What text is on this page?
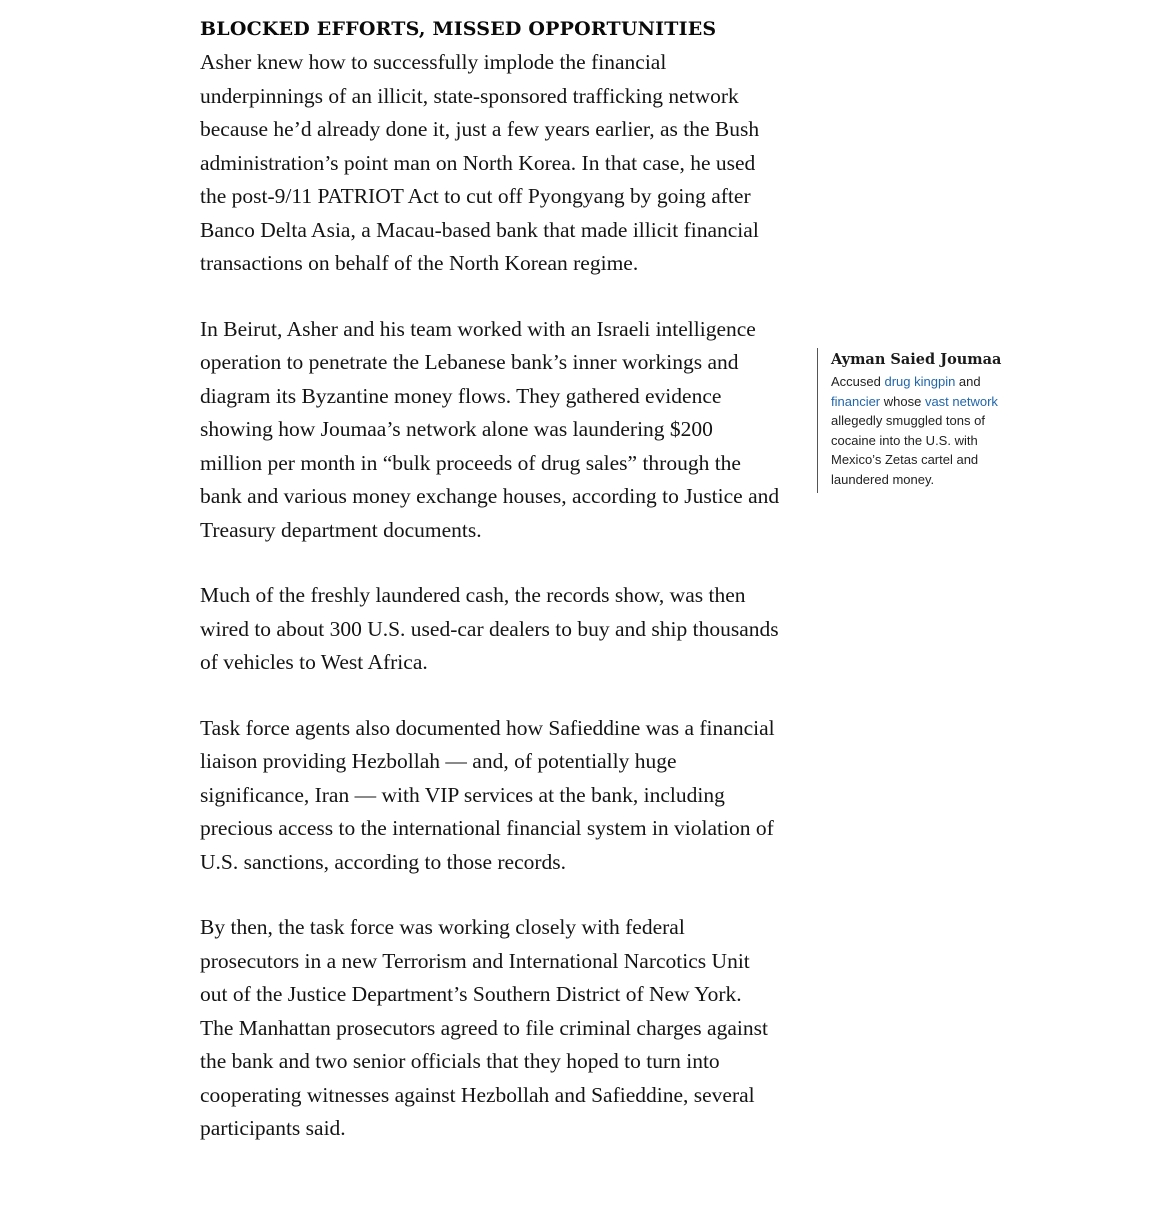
BLOCKED EFFORTS, MISSED OPPORTUNITIES

Asher knew how to successfully implode the financial underpinnings of an illicit, state-sponsored trafficking network because he’d already done it, just a few years earlier, as the Bush administration’s point man on North Korea. In that case, he used the post-9/11 PATRIOT Act to cut off Pyongyang by going after Banco Delta Asia, a Macau-based bank that made illicit financial transactions on behalf of the North Korean regime.

In Beirut, Asher and his team worked with an Israeli intelligence operation to penetrate the Lebanese bank’s inner workings and diagram its Byzantine money flows. They gathered evidence showing how Joumaa’s network alone was laundering $200 million per month in “bulk proceeds of drug sales” through the bank and various money exchange houses, according to Justice and Treasury department documents.

Much of the freshly laundered cash, the records show, was then wired to about 300 U.S. used-car dealers to buy and ship thousands of vehicles to West Africa.

Task force agents also documented how Safieddine was a financial liaison providing Hezbollah — and, of potentially huge significance, Iran — with VIP services at the bank, including precious access to the international financial system in violation of U.S. sanctions, according to those records.

By then, the task force was working closely with federal prosecutors in a new Terrorism and International Narcotics Unit out of the Justice Department’s Southern District of New York. The Manhattan prosecutors agreed to file criminal charges against the bank and two senior officials that they hoped to turn into cooperating witnesses against Hezbollah and Safieddine, several participants said.

Ayman Saied Joumaa

Accused drug kingpin and financier whose vast network allegedly smuggled tons of cocaine into the U.S. with Mexico’s Zetas cartel and laundered money.
